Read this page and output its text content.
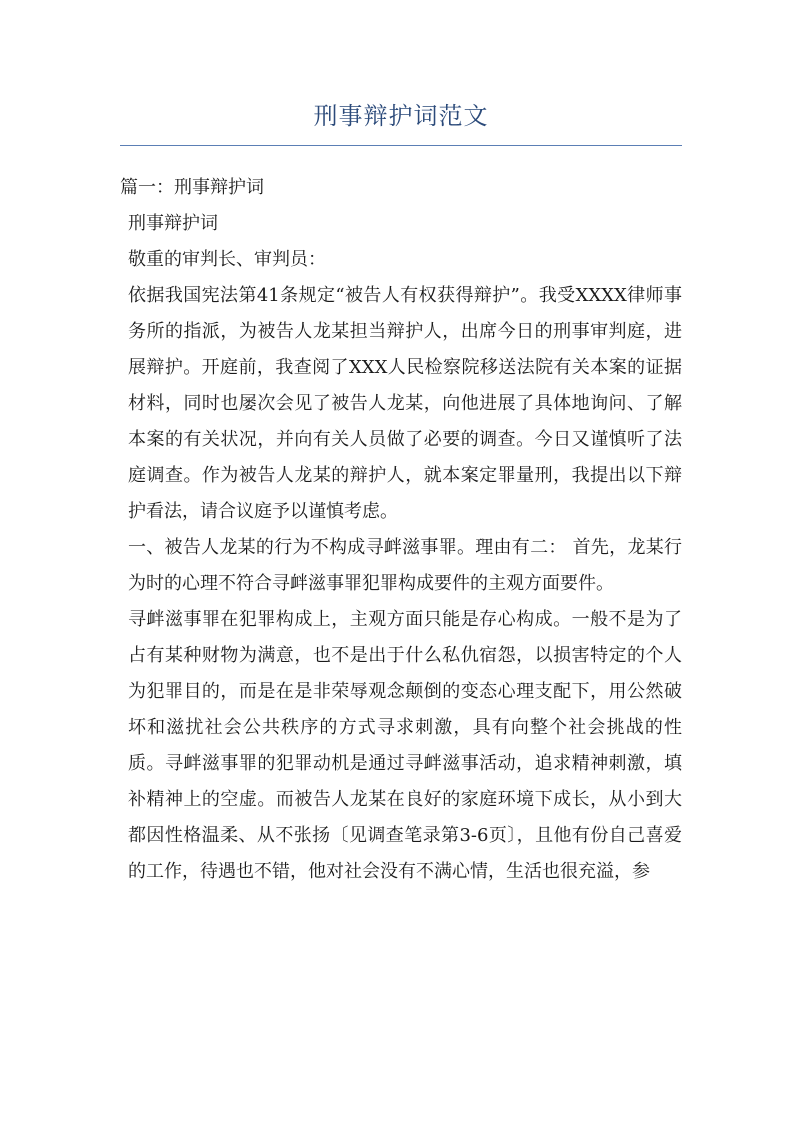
刑事辩护词范文

篇一：刑事辩护词

刑事辩护词

敬重的审判长、审判员：

依据我国宪法第41条规定“被告人有权获得辩护”。我受XXXX律师事务所的指派，为被告人龙某担当辩护人，出席今日的刑事审判庭，进展辩护。开庭前，我查阅了XXX人民检察院移送法院有关本案的证据材料，同时也屡次会见了被告人龙某，向他进展了具体地询问、了解本案的有关状况，并向有关人员做了必要的调查。今日又谨慎听了法庭调查。作为被告人龙某的辩护人，就本案定罪量刑，我提出以下辩护看法，请合议庭予以谨慎考虑。

一、被告人龙某的行为不构成寻衅滋事罪。理由有二： 首先，龙某行为时的心理不符合寻衅滋事罪犯罪构成要件的主观方面要件。

寻衅滋事罪在犯罪构成上，主观方面只能是存心构成。一般不是为了占有某种财物为满意，也不是出于什么私仇宿怨，以损害特定的个人为犯罪目的，而是在是非荣辱观念颠倒的变态心理支配下，用公然破坏和滋扰社会公共秩序的方式寻求刺激，具有向整个社会挑战的性质。寻衅滋事罪的犯罪动机是通过寻衅滋事活动，追求精神刺激，填补精神上的空虚。而被告人龙某在良好的家庭环境下成长，从小到大都因性格温柔、从不张扬〔见调查笔录第3-6页〕，且他有份自己喜爱的工作，待遇也不错，他对社会没有不满心情，生活也很充溢，参
